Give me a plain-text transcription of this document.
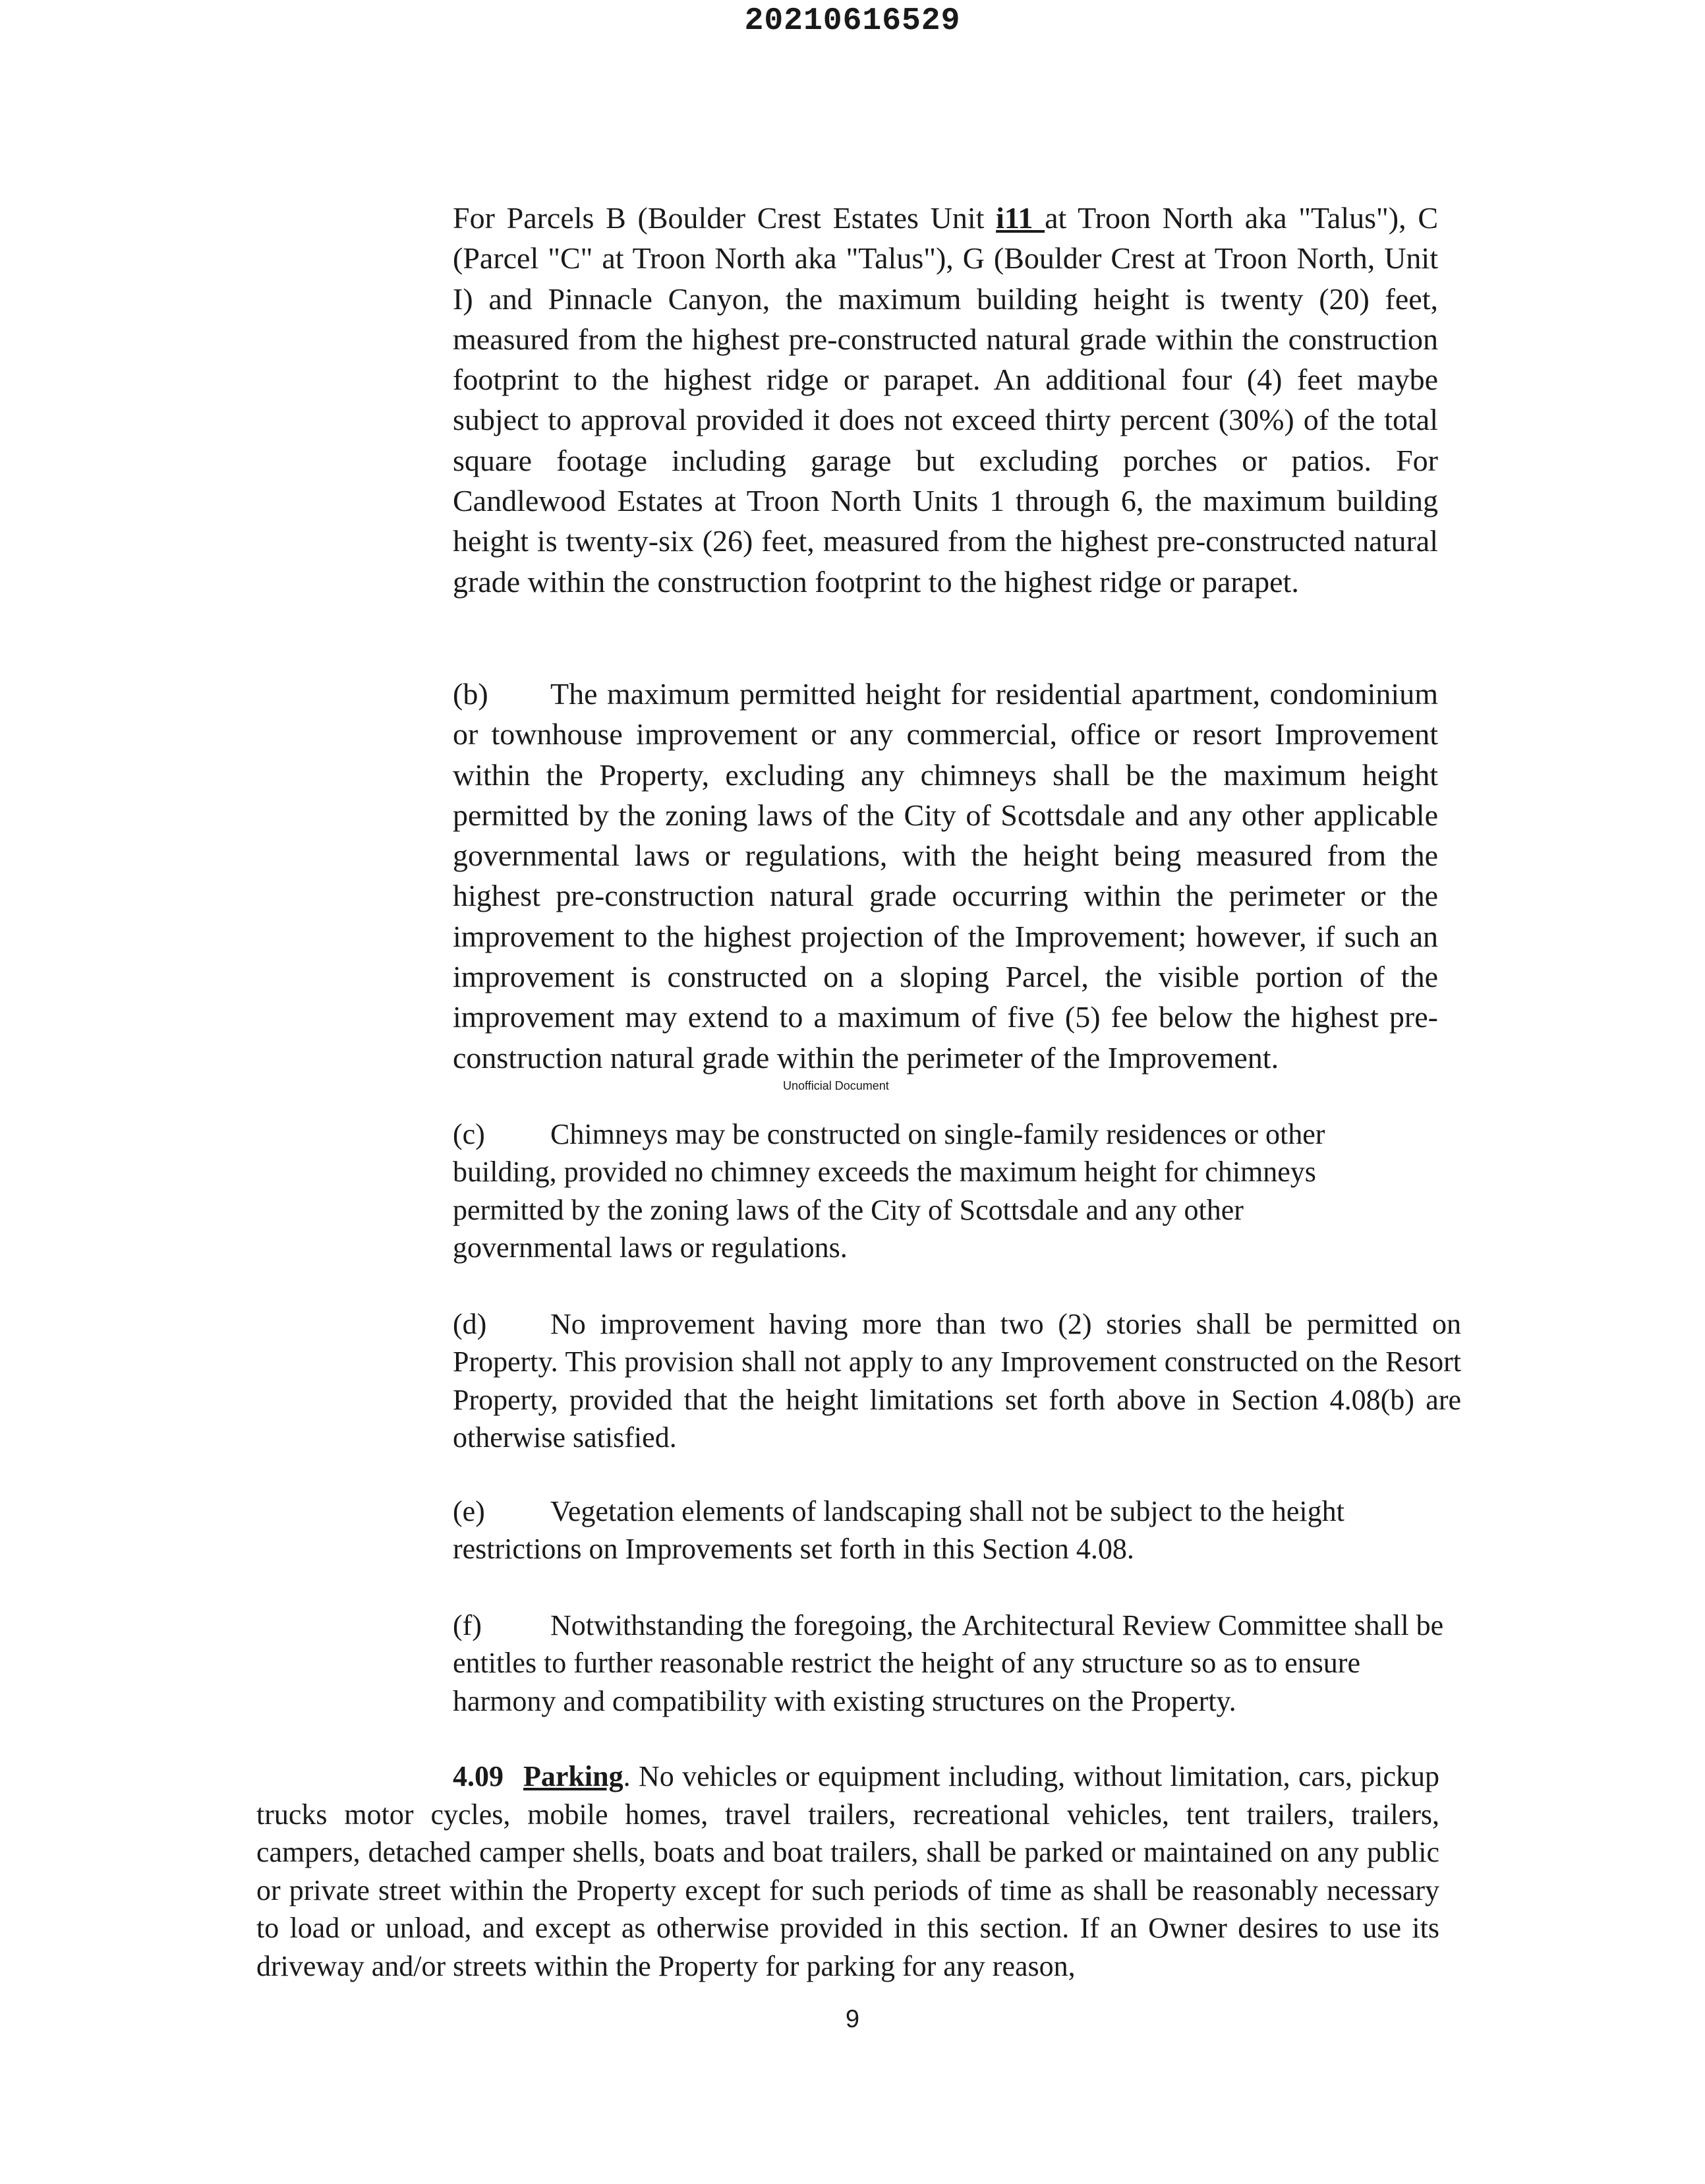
20210616529

For Parcels B (Boulder Crest Estates Unit i11 at Troon North aka "Talus"), C (Parcel "C" at Troon North aka "Talus"), G (Boulder Crest at Troon North, Unit I) and Pinnacle Canyon, the maximum building height is twenty (20) feet, measured from the highest pre-constructed natural grade within the construction footprint to the highest ridge or parapet. An additional four (4) feet maybe subject to approval provided it does not exceed thirty percent (30%) of the total square footage including garage but excluding porches or patios. For Candlewood Estates at Troon North Units 1 through 6, the maximum building height is twenty-six (26) feet, measured from the highest pre-constructed natural grade within the construction footprint to the highest ridge or parapet.

(b) The maximum permitted height for residential apartment, condominium or townhouse improvement or any commercial, office or resort Improvement within the Property, excluding any chimneys shall be the maximum height permitted by the zoning laws of the City of Scottsdale and any other applicable governmental laws or regulations, with the height being measured from the highest pre-construction natural grade occurring within the perimeter or the improvement to the highest projection of the Improvement; however, if such an improvement is constructed on a sloping Parcel, the visible portion of the improvement may extend to a maximum of five (5) fee below the highest pre-construction natural grade within the perimeter of the Improvement.

Unofficial Document

(c) Chimneys may be constructed on single-family residences or other building, provided no chimney exceeds the maximum height for chimneys permitted by the zoning laws of the City of Scottsdale and any other governmental laws or regulations.

(d) No improvement having more than two (2) stories shall be permitted on Property. This provision shall not apply to any Improvement constructed on the Resort Property, provided that the height limitations set forth above in Section 4.08(b) are otherwise satisfied.

(e) Vegetation elements of landscaping shall not be subject to the height restrictions on Improvements set forth in this Section 4.08.

(f) Notwithstanding the foregoing, the Architectural Review Committee shall be entitles to further reasonable restrict the height of any structure so as to ensure harmony and compatibility with existing structures on the Property.

4.09 Parking. No vehicles or equipment including, without limitation, cars, pickup trucks motor cycles, mobile homes, travel trailers, recreational vehicles, tent trailers, trailers, campers, detached camper shells, boats and boat trailers, shall be parked or maintained on any public or private street within the Property except for such periods of time as shall be reasonably necessary to load or unload, and except as otherwise provided in this section. If an Owner desires to use its driveway and/or streets within the Property for parking for any reason,

9
